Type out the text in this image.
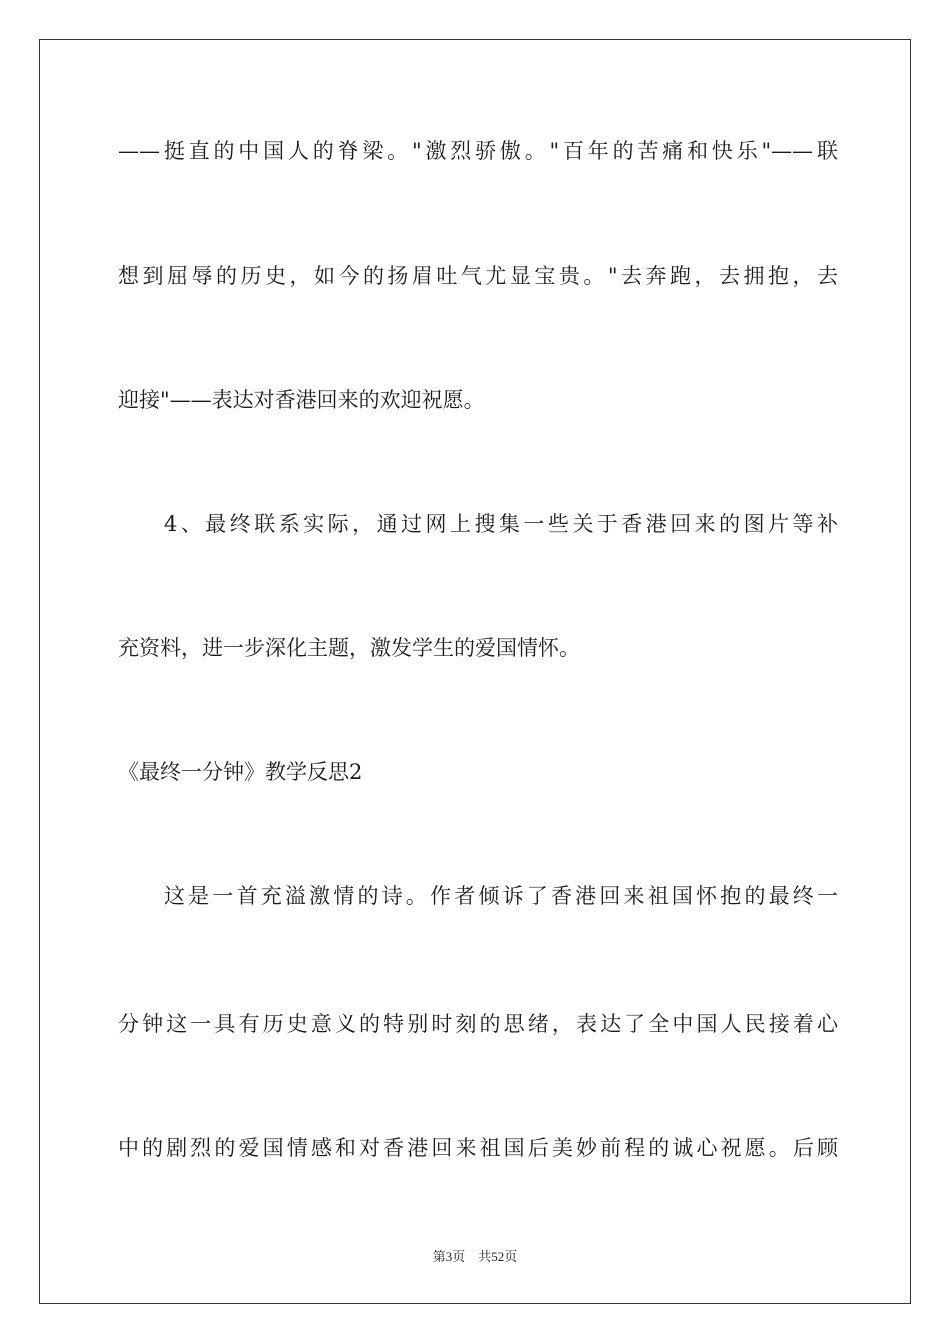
——挺直的中国人的脊梁。"激烈骄傲。"百年的苦痛和快乐"——联
想到屈辱的历史，如今的扬眉吐气尤显宝贵。"去奔跑，去拥抱，去
迎接"——表达对香港回来的欢迎祝愿。
4、最终联系实际，通过网上搜集一些关于香港回来的图片等补
充资料，进一步深化主题，激发学生的爱国情怀。
《最终一分钟》教学反思2
这是一首充溢激情的诗。作者倾诉了香港回来祖国怀抱的最终一
分钟这一具有历史意义的特别时刻的思绪，表达了全中国人民接着心
中的剧烈的爱国情感和对香港回来祖国后美妙前程的诚心祝愿。后顾
第3页　共52页
